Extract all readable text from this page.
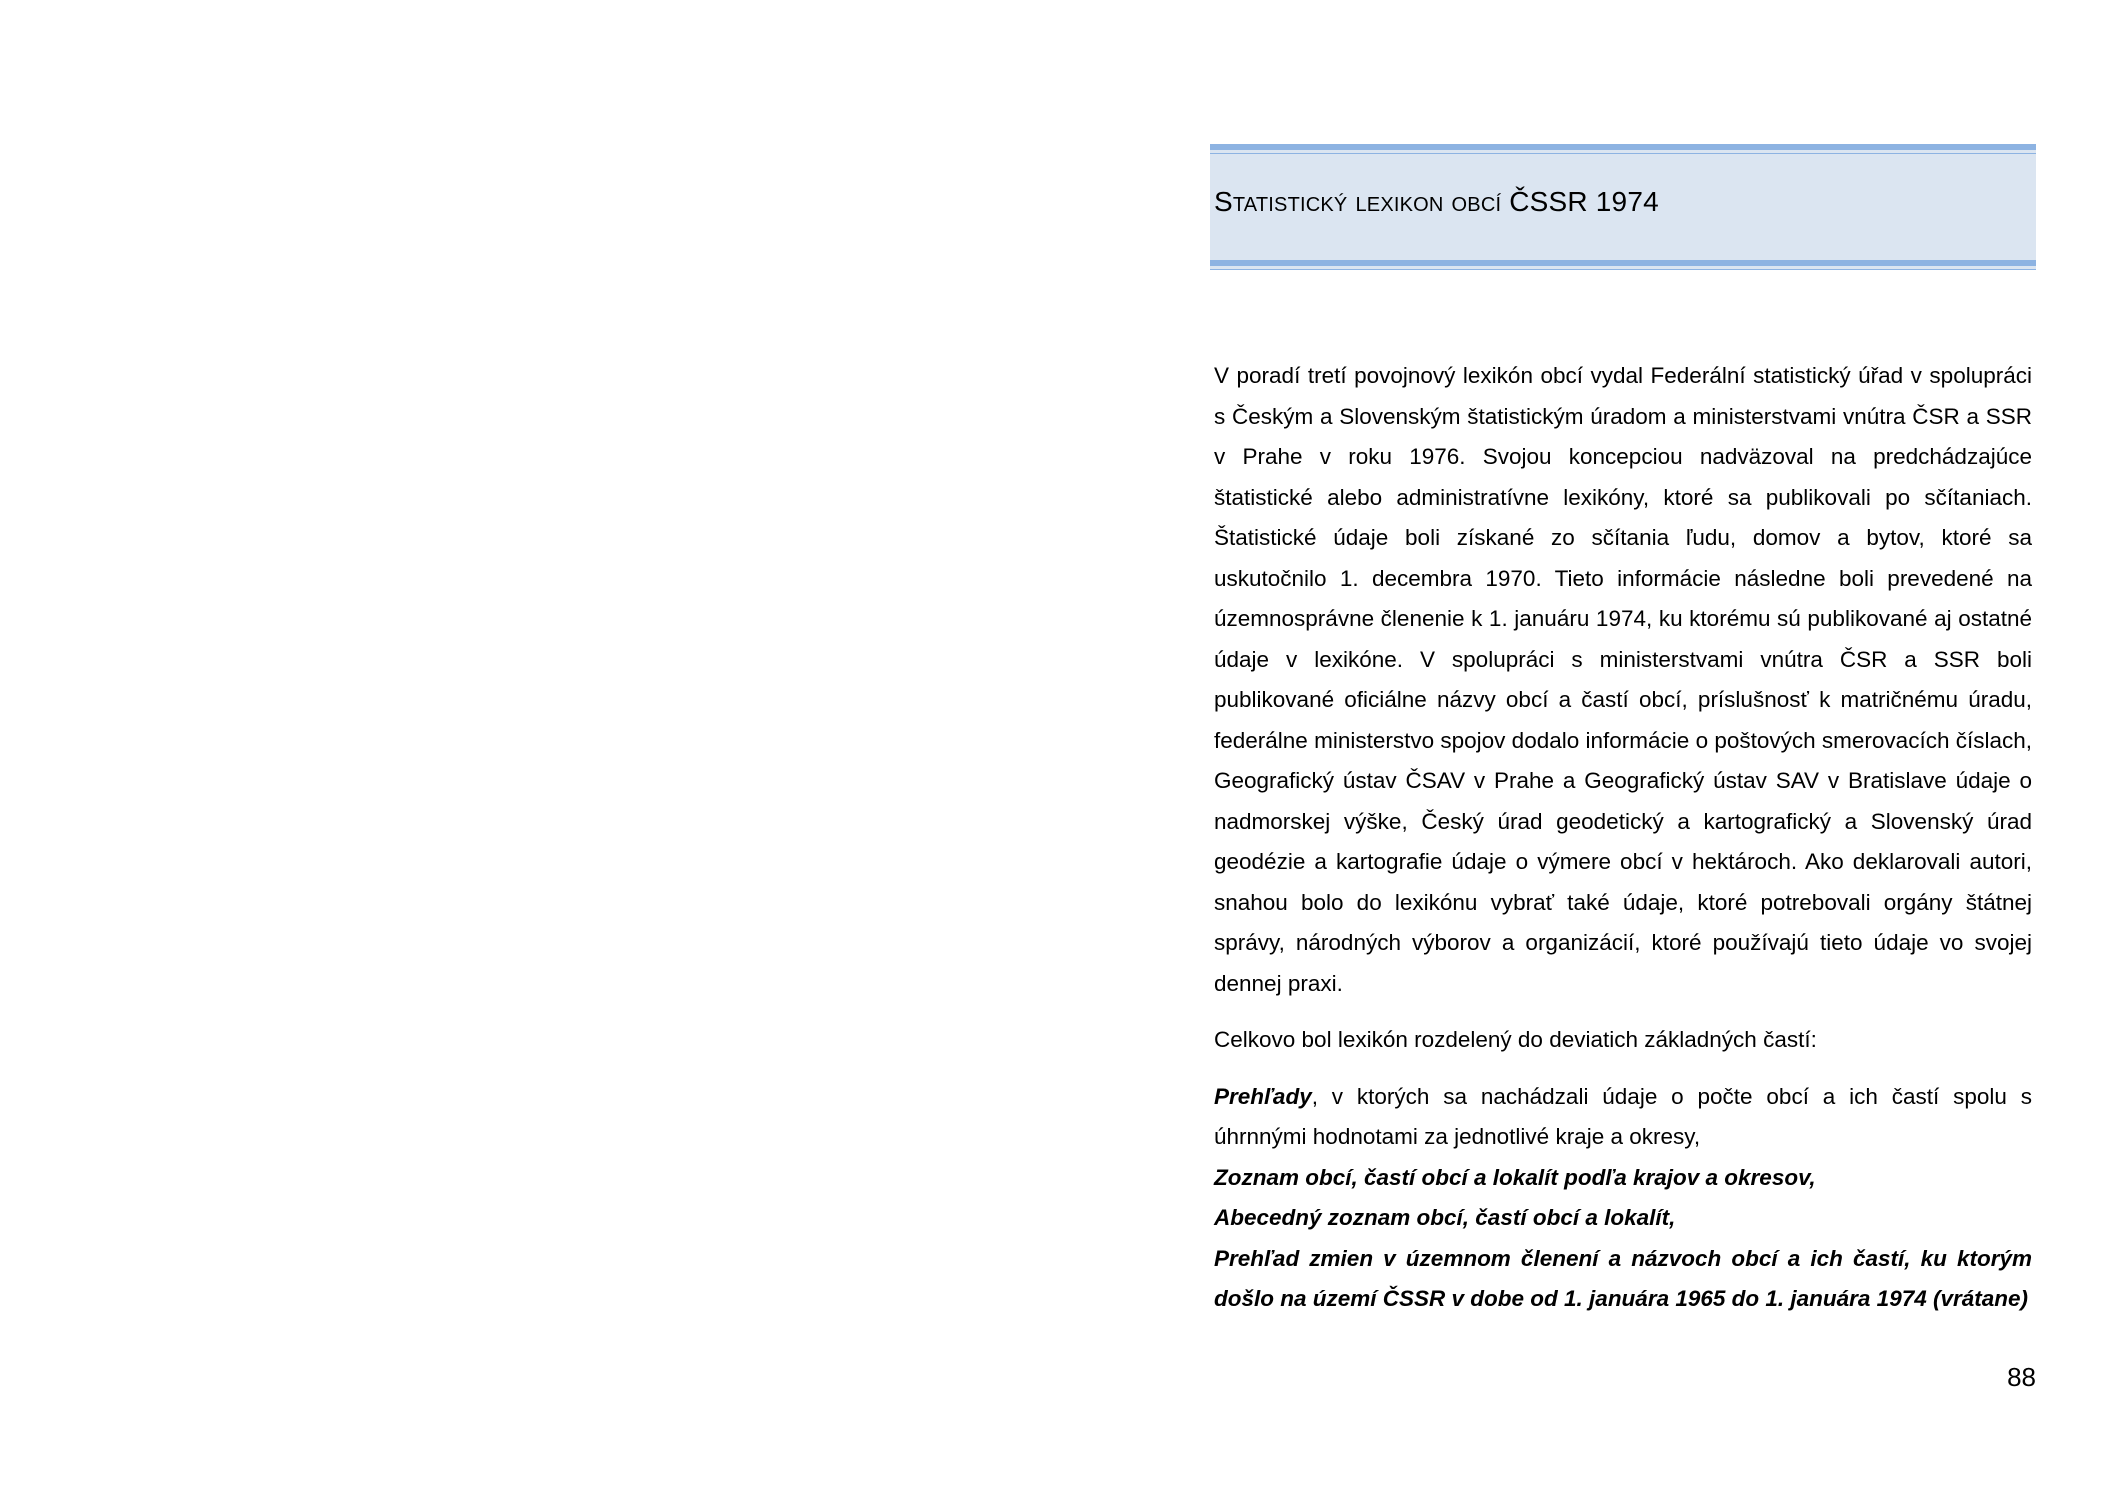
Statistický lexikon obcí ČSSR 1974

V poradí tretí povojnový lexikón obcí vydal Federální statistický úřad v spolupráci s Českým a Slovenským štatistickým úradom a ministerstvami vnútra ČSR a SSR v Prahe v roku 1976. Svojou koncepciou nadväzoval na predchádzajúce štatistické alebo administratívne lexikóny, ktoré sa publikovali po sčítaniach. Štatistické údaje boli získané zo sčítania ľudu, domov a bytov, ktoré sa uskutočnilo 1. decembra 1970. Tieto informácie následne boli prevedené na územnosprávne členenie k 1. januáru 1974, ku ktorému sú publikované aj ostatné údaje v lexikóne. V spolupráci s ministerstvami vnútra ČSR a SSR boli publikované oficiálne názvy obcí a častí obcí, príslušnosť k matričnému úradu, federálne ministerstvo spojov dodalo informácie o poštových smerovacích číslach, Geografický ústav ČSAV v Prahe a Geografický ústav SAV v Bratislave údaje o nadmorskej výške, Český úrad geodetický a kartografický a Slovenský úrad geodézie a kartografie údaje o výmere obcí v hektároch. Ako deklarovali autori, snahou bolo do lexikónu vybrať také údaje, ktoré potrebovali orgány štátnej správy, národných výborov a organizácií, ktoré používajú tieto údaje vo svojej dennej praxi.

Celkovo bol lexikón rozdelený do deviatich základných častí:

Prehľady, v ktorých sa nachádzali údaje o počte obcí a ich častí spolu s úhrnnými hodnotami za jednotlivé kraje a okresy,

Zoznam obcí, častí obcí a lokalít podľa krajov a okresov,

Abecedný zoznam obcí, častí obcí a lokalít,

Prehľad zmien v územnom členení a názvoch obcí a ich častí, ku ktorým došlo na území ČSSR v dobe od 1. januára 1965 do 1. januára 1974 (vrátane)

88
